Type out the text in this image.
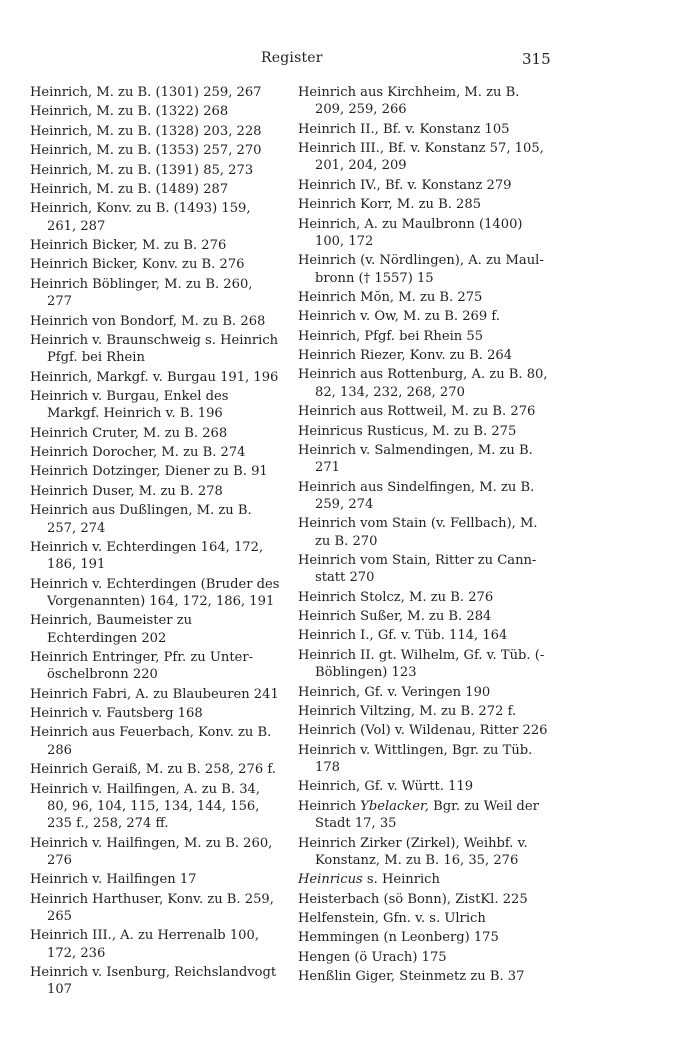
Register	315

Heinrich, M. zu B. (1301) 259, 267

Heinrich, M. zu B. (1322) 268

Heinrich, M. zu B. (1328) 203, 228

Heinrich, M. zu B. (1353) 257, 270

Heinrich, M. zu B. (1391) 85, 273

Heinrich, M. zu B. (1489) 287

Heinrich, Konv. zu B. (1493) 159, 261, 287

Heinrich Bicker, M. zu B. 276

Heinrich Bicker, Konv. zu B. 276

Heinrich Böblinger, M. zu B. 260, 277

Heinrich von Bondorf, M. zu B. 268

Heinrich v. Braunschweig s. Heinrich Pfgf. bei Rhein

Heinrich, Markgf. v. Burgau 191, 196

Heinrich v. Burgau, Enkel des Markgf. Heinrich v. B. 196

Heinrich Cruter, M. zu B. 268

Heinrich Dorocher, M. zu B. 274

Heinrich Dotzinger, Diener zu B. 91

Heinrich Duser, M. zu B. 278

Heinrich aus Dußlingen, M. zu B. 257, 274

Heinrich v. Echterdingen 164, 172, 186, 191

Heinrich v. Echterdingen (Bruder des Vorgenannten) 164, 172, 186, 191

Heinrich, Baumeister zu Echterdingen 202

Heinrich Entringer, Pfr. zu Unter-öschelbronn 220

Heinrich Fabri, A. zu Blaubeuren 241

Heinrich v. Fautsberg 168

Heinrich aus Feuerbach, Konv. zu B. 286

Heinrich Geraiß, M. zu B. 258, 276 f.

Heinrich v. Hailfingen, A. zu B. 34, 80, 96, 104, 115, 134, 144, 156, 235 f., 258, 274 ff.

Heinrich v. Hailfingen, M. zu B. 260, 276

Heinrich v. Hailfingen 17

Heinrich Harthuser, Konv. zu B. 259, 265

Heinrich III., A. zu Herrenalb 100, 172, 236

Heinrich v. Isenburg, Reichslandvogt 107

Heinrich aus Kirchheim, M. zu B. 209, 259, 266

Heinrich II., Bf. v. Konstanz 105

Heinrich III., Bf. v. Konstanz 57, 105, 201, 204, 209

Heinrich IV., Bf. v. Konstanz 279

Heinrich Korr, M. zu B. 285

Heinrich, A. zu Maulbronn (1400) 100, 172

Heinrich (v. Nördlingen), A. zu Maul-bronn († 1557) 15

Heinrich Mŏn, M. zu B. 275

Heinrich v. Ow, M. zu B. 269 f.

Heinrich, Pfgf. bei Rhein 55

Heinrich Riezer, Konv. zu B. 264

Heinrich aus Rottenburg, A. zu B. 80, 82, 134, 232, 268, 270

Heinrich aus Rottweil, M. zu B. 276

Heinricus Rusticus, M. zu B. 275

Heinrich v. Salmendingen, M. zu B. 271

Heinrich aus Sindelfingen, M. zu B. 259, 274

Heinrich vom Stain (v. Fellbach), M. zu B. 270

Heinrich vom Stain, Ritter zu Cann-statt 270

Heinrich Stolcz, M. zu B. 276

Heinrich Sußer, M. zu B. 284

Heinrich I., Gf. v. Tüb. 114, 164

Heinrich II. gt. Wilhelm, Gf. v. Tüb. (-Böblingen) 123

Heinrich, Gf. v. Veringen 190

Heinrich Viltzing, M. zu B. 272 f.

Heinrich (Vol) v. Wildenau, Ritter 226

Heinrich v. Wittlingen, Bgr. zu Tüb. 178

Heinrich, Gf. v. Württ. 119

Heinrich Ybelacker, Bgr. zu Weil der Stadt 17, 35

Heinrich Zirker (Zirkel), Weihbf. v. Konstanz, M. zu B. 16, 35, 276

Heinricus s. Heinrich

Heisterbach (sö Bonn), ZistKl. 225

Helfenstein, Gfn. v. s. Ulrich

Hemmingen (n Leonberg) 175

Hengen (ö Urach) 175

Henßlin Giger, Steinmetz zu B. 37
